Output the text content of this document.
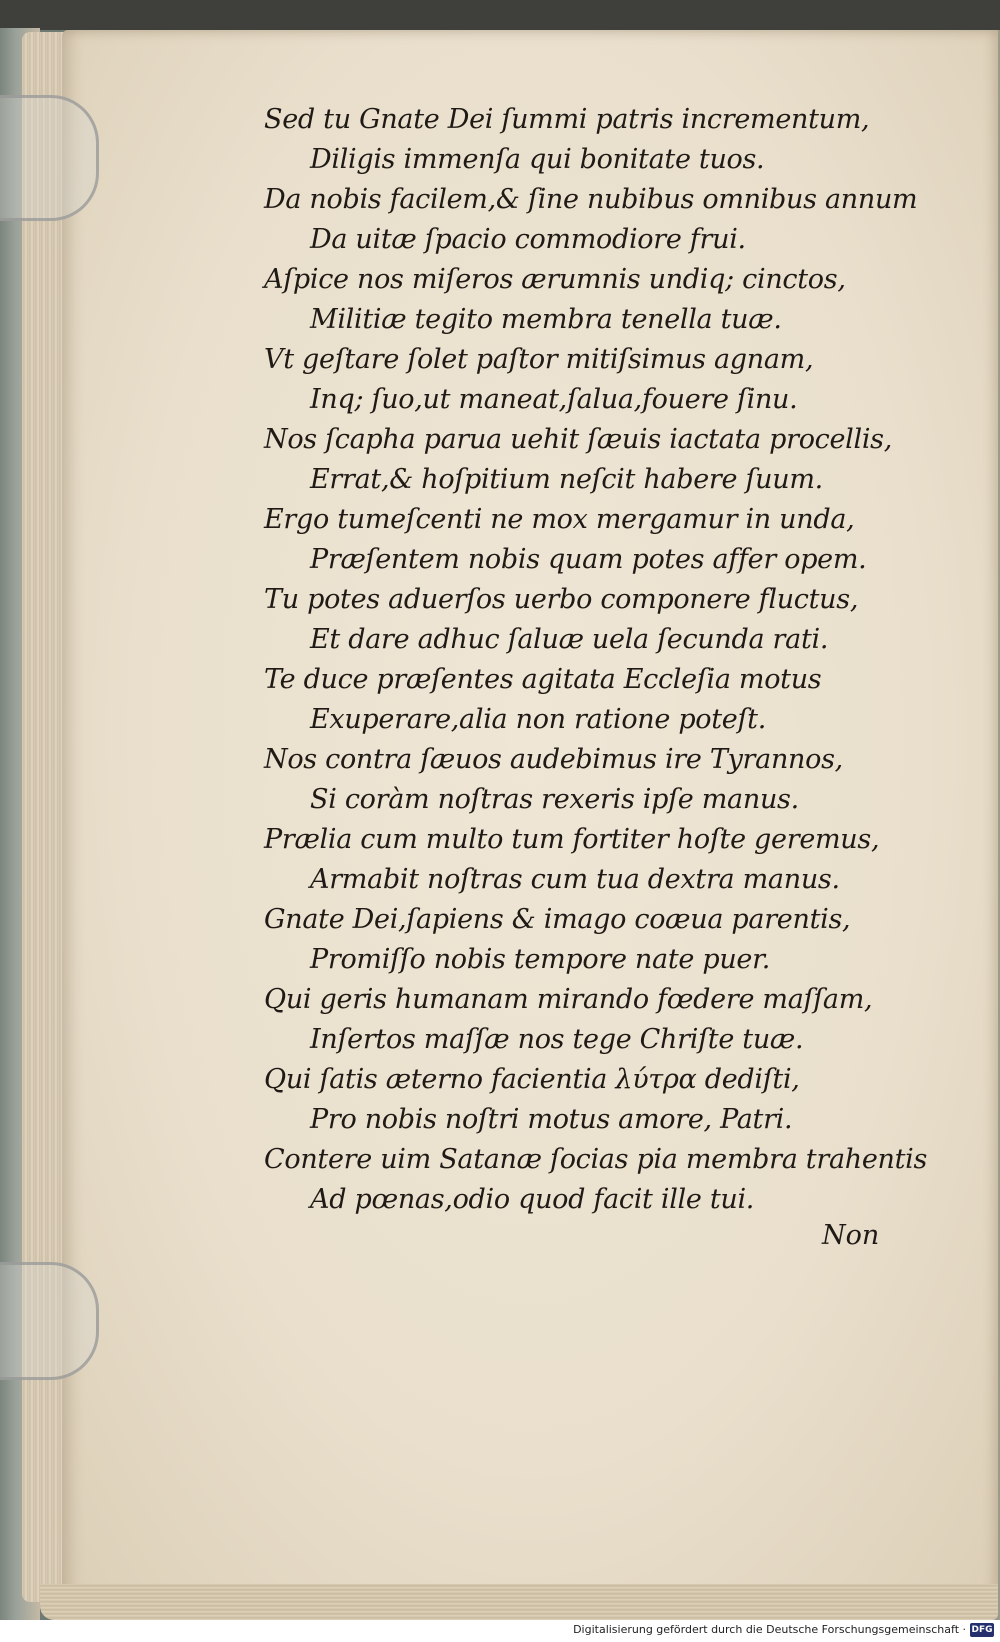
Sed tu Gnate Dei ſummi patris incrementum,
Diligis immenſa qui bonitate tuos.
Da nobis facilem,& ſine nubibus omnibus annum
Da uitæ ſpacio commodiore frui.
Aſpice nos miſeros ærumnis undiq; cinctos,
Militiæ tegito membra tenella tuæ.
Vt geſtare ſolet paſtor mitiſsimus agnam,
Inq; ſuo,ut maneat,ſalua,fouere ſinu.
Nos ſcapha parua uehit ſæuis iactata procellis,
Errat,& hoſpitium neſcit habere ſuum.
Ergo tumeſcenti ne mox mergamur in unda,
Præſentem nobis quam potes affer opem.
Tu potes aduerſos uerbo componere fluctus,
Et dare adhuc ſaluæ uela ſecunda rati.
Te duce præſentes agitata Eccleſia motus
Exuperare,alia non ratione poteſt.
Nos contra ſæuos audebimus ire Tyrannos,
Si coràm noſtras rexeris ipſe manus.
Prælia cum multo tum fortiter hoſte geremus,
Armabit noſtras cum tua dextra manus.
Gnate Dei,ſapiens & imago coæua parentis,
Promiſſo nobis tempore nate puer.
Qui geris humanam mirando fœdere maſſam,
Inſertos maſſæ nos tege Chriſte tuæ.
Qui ſatis æterno facientia λύτρα dediſti,
Pro nobis noſtri motus amore, Patri.
Contere uim Satanæ ſocias pia membra trahentis
Ad pœnas,odio quod facit ille tui.
Non
Digitalisierung gefördert durch die Deutsche Forschungsgemeinschaft · DFG
